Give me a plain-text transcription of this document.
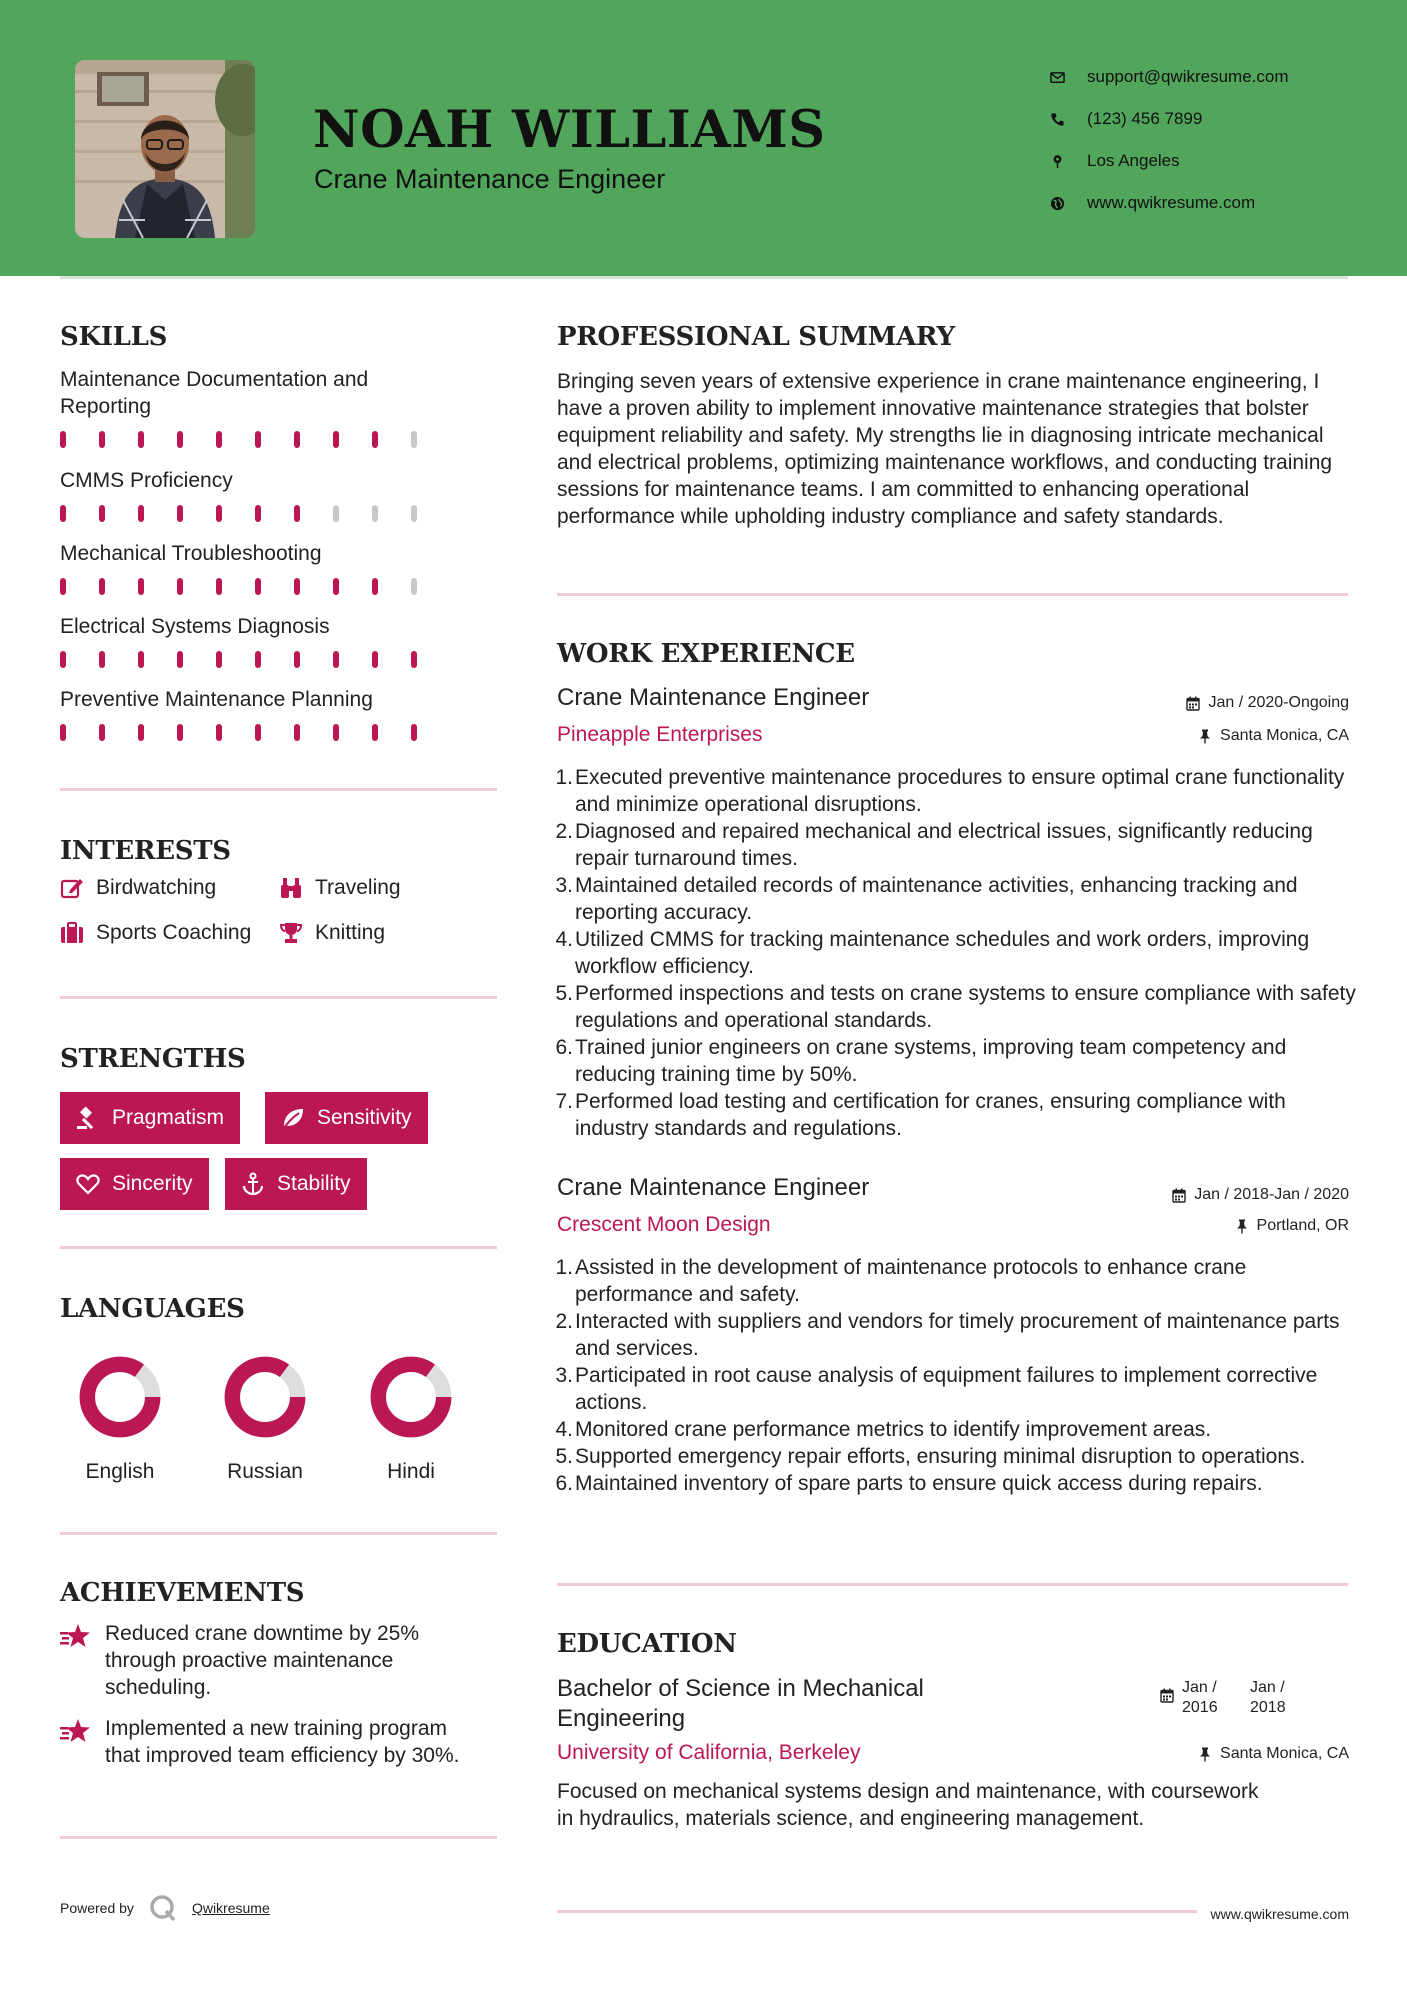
NOAH WILLIAMS
Crane Maintenance Engineer
support@qwikresume.com
(123) 456 7899
Los Angeles
www.qwikresume.com
SKILLS
Maintenance Documentation and Reporting
CMMS Proficiency
Mechanical Troubleshooting
Electrical Systems Diagnosis
Preventive Maintenance Planning
INTERESTS
Birdwatching	Traveling
Sports Coaching	Knitting
STRENGTHS
Pragmatism	Sensitivity
Sincerity	Stability
LANGUAGES
English	Russian	Hindi
ACHIEVEMENTS

Reduced crane downtime by 25% through proactive maintenance scheduling.

Implemented a new training program that improved team efficiency by 30%.

PROFESSIONAL SUMMARY

Bringing seven years of extensive experience in crane maintenance engineering, I have a proven ability to implement innovative maintenance strategies that bolster equipment reliability and safety. My strengths lie in diagnosing intricate mechanical and electrical problems, optimizing maintenance workflows, and conducting training sessions for maintenance teams. I am committed to enhancing operational performance while upholding industry compliance and safety standards.

WORK EXPERIENCE
Crane Maintenance Engineer	Jan / 2020-Ongoing
Pineapple Enterprises	Santa Monica, CA
1. Executed preventive maintenance procedures to ensure optimal crane functionality and minimize operational disruptions.
2. Diagnosed and repaired mechanical and electrical issues, significantly reducing repair turnaround times.
3. Maintained detailed records of maintenance activities, enhancing tracking and reporting accuracy.
4. Utilized CMMS for tracking maintenance schedules and work orders, improving workflow efficiency.
5. Performed inspections and tests on crane systems to ensure compliance with safety regulations and operational standards.
6. Trained junior engineers on crane systems, improving team competency and reducing training time by 50%.
7. Performed load testing and certification for cranes, ensuring compliance with industry standards and regulations.
Crane Maintenance Engineer	Jan / 2018-Jan / 2020
Crescent Moon Design	Portland, OR
1. Assisted in the development of maintenance protocols to enhance crane performance and safety.
2. Interacted with suppliers and vendors for timely procurement of maintenance parts and services.
3. Participated in root cause analysis of equipment failures to implement corrective actions.
4. Monitored crane performance metrics to identify improvement areas.
5. Supported emergency repair efforts, ensuring minimal disruption to operations.
6. Maintained inventory of spare parts to ensure quick access during repairs.
EDUCATION
Bachelor of Science in Mechanical Engineering
Jan / 2016
Jan / 2018
University of California, Berkeley	Santa Monica, CA

Focused on mechanical systems design and maintenance, with coursework in hydraulics, materials science, and engineering management.

Powered by	Qwikresume	www.qwikresume.com
